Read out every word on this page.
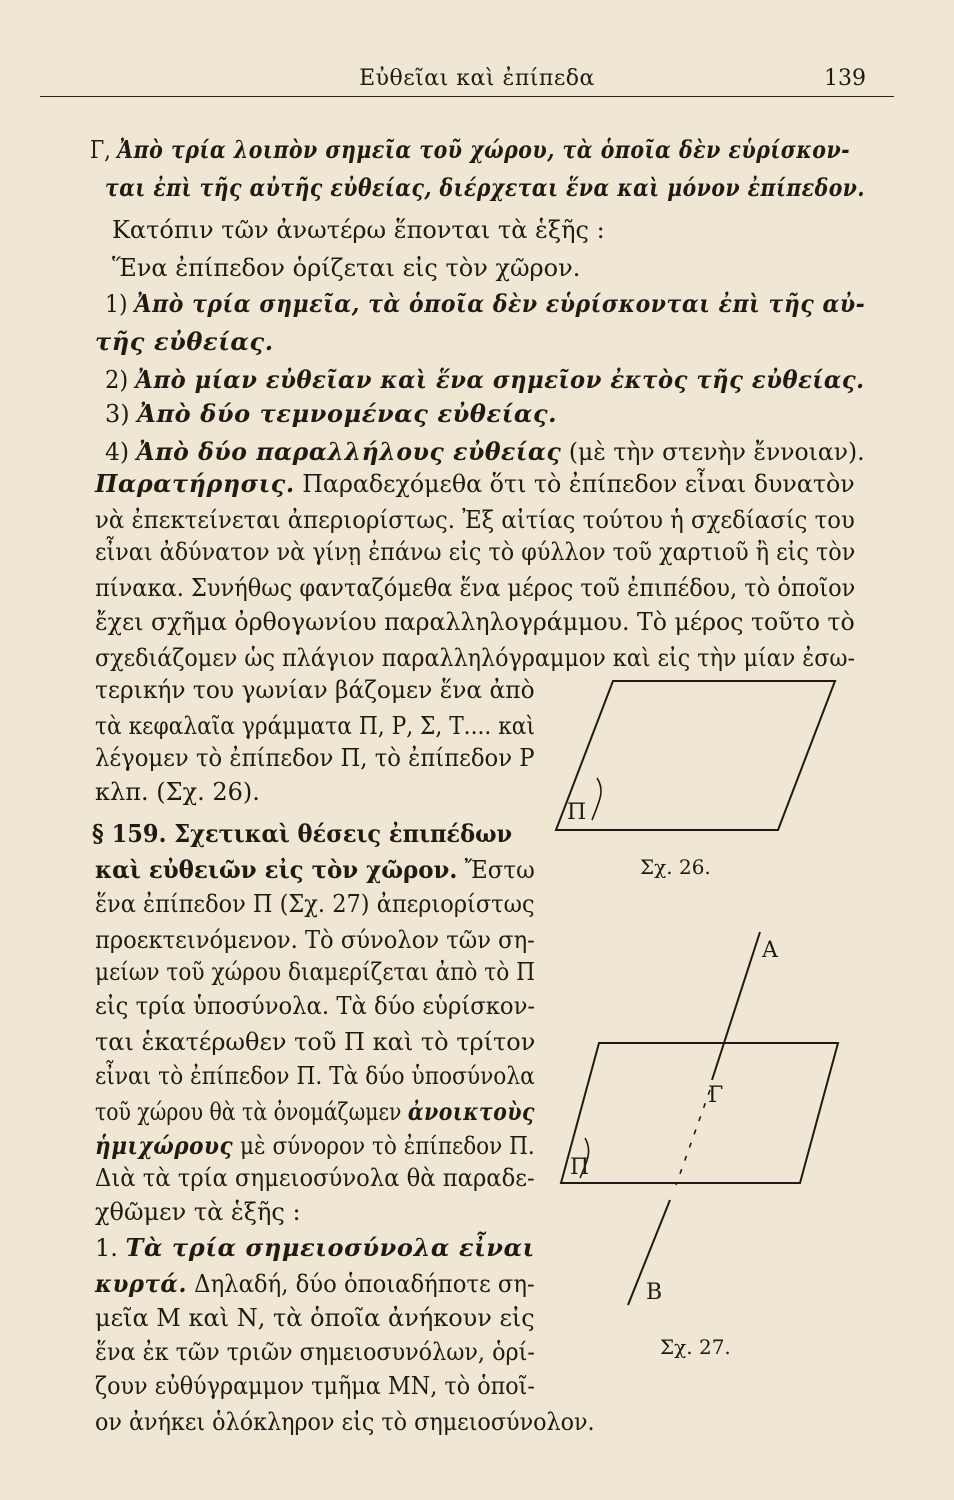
Εὐθεῖαι καὶ ἐπίπεδα	139
Γ, Ἀπὸ τρία λοιπὸν σημεῖα τοῦ χώρου, τὰ ὁποῖα δὲν εὑρίσκον-
ται ἐπὶ τῆς αὐτῆς εὐθείας, διέρχεται ἕνα καὶ μόνον ἐπίπεδον.
Κατόπιν τῶν ἀνωτέρω ἕπονται τὰ ἑξῆς :
Ἕνα ἐπίπεδον ὁρίζεται εἰς τὸν χῶρον.
1) Ἀπὸ τρία σημεῖα, τὰ ὁποῖα δὲν εὑρίσκονται ἐπὶ τῆς αὐ-
τῆς εὐθείας.
2) Ἀπὸ μίαν εὐθεῖαν καὶ ἕνα σημεῖον ἐκτὸς τῆς εὐθείας.
3) Ἀπὸ δύο τεμνομένας εὐθείας.
4) Ἀπὸ δύο παραλλήλους εὐθείας (μὲ τὴν στενὴν ἔννοιαν).
Παρατήρησις. Παραδεχόμεθα ὅτι τὸ ἐπίπεδον εἶναι δυνατὸν
νὰ ἐπεκτείνεται ἀπεριορίστως. Ἐξ αἰτίας τούτου ἡ σχεδίασίς του
εἶναι ἀδύνατον νὰ γίνῃ ἐπάνω εἰς τὸ φύλλον τοῦ χαρτιοῦ ἢ εἰς τὸν
πίνακα. Συνήθως φανταζόμεθα ἕνα μέρος τοῦ ἐπιπέδου, τὸ ὁποῖον
ἔχει σχῆμα ὀρθογωνίου παραλληλογράμμου. Τὸ μέρος τοῦτο τὸ
σχεδιάζομεν ὡς πλάγιον παραλληλόγραμμον καὶ εἰς τὴν μίαν ἐσω-
τερικήν του γωνίαν βάζομεν ἕνα ἀπὸ
τὰ κεφαλαῖα γράμματα Π, Ρ, Σ, Τ.... καὶ
λέγομεν τὸ ἐπίπεδον Π, τὸ ἐπίπεδον Ρ
κλπ. (Σχ. 26).
§ 159. Σχετικαὶ θέσεις ἐπιπέδων
καὶ εὐθειῶν εἰς τὸν χῶρον. Ἔστω
ἕνα ἐπίπεδον Π (Σχ. 27) ἀπεριορίστως
προεκτεινόμενον. Τὸ σύνολον τῶν ση-
μείων τοῦ χώρου διαμερίζεται ἀπὸ τὸ Π
εἰς τρία ὑποσύνολα. Τὰ δύο εὑρίσκον-
ται ἑκατέρωθεν τοῦ Π καὶ τὸ τρίτον
εἶναι τὸ ἐπίπεδον Π. Τὰ δύο ὑποσύνολα
τοῦ χώρου θὰ τὰ ὀνομάζωμεν ἀνοικτοὺς
ἡμιχώρους μὲ σύνορον τὸ ἐπίπεδον Π.
Διὰ τὰ τρία σημειοσύνολα θὰ παραδε-
χθῶμεν τὰ ἑξῆς :
1. Τὰ τρία σημειοσύνολα εἶναι
κυρτά. Δηλαδή, δύο ὁποιαδήποτε ση-
μεῖα Μ καὶ Ν, τὰ ὁποῖα ἀνήκουν εἰς
ἕνα ἐκ τῶν τριῶν σημειοσυνόλων, ὁρί-
ζουν εὐθύγραμμον τμῆμα ΜΝ, τὸ ὁποῖ-
ον ἀνήκει ὁλόκληρον εἰς τὸ σημειοσύνολον.
Π
Σχ. 26.
Π
Α
Γ
Β
Σχ. 27.
